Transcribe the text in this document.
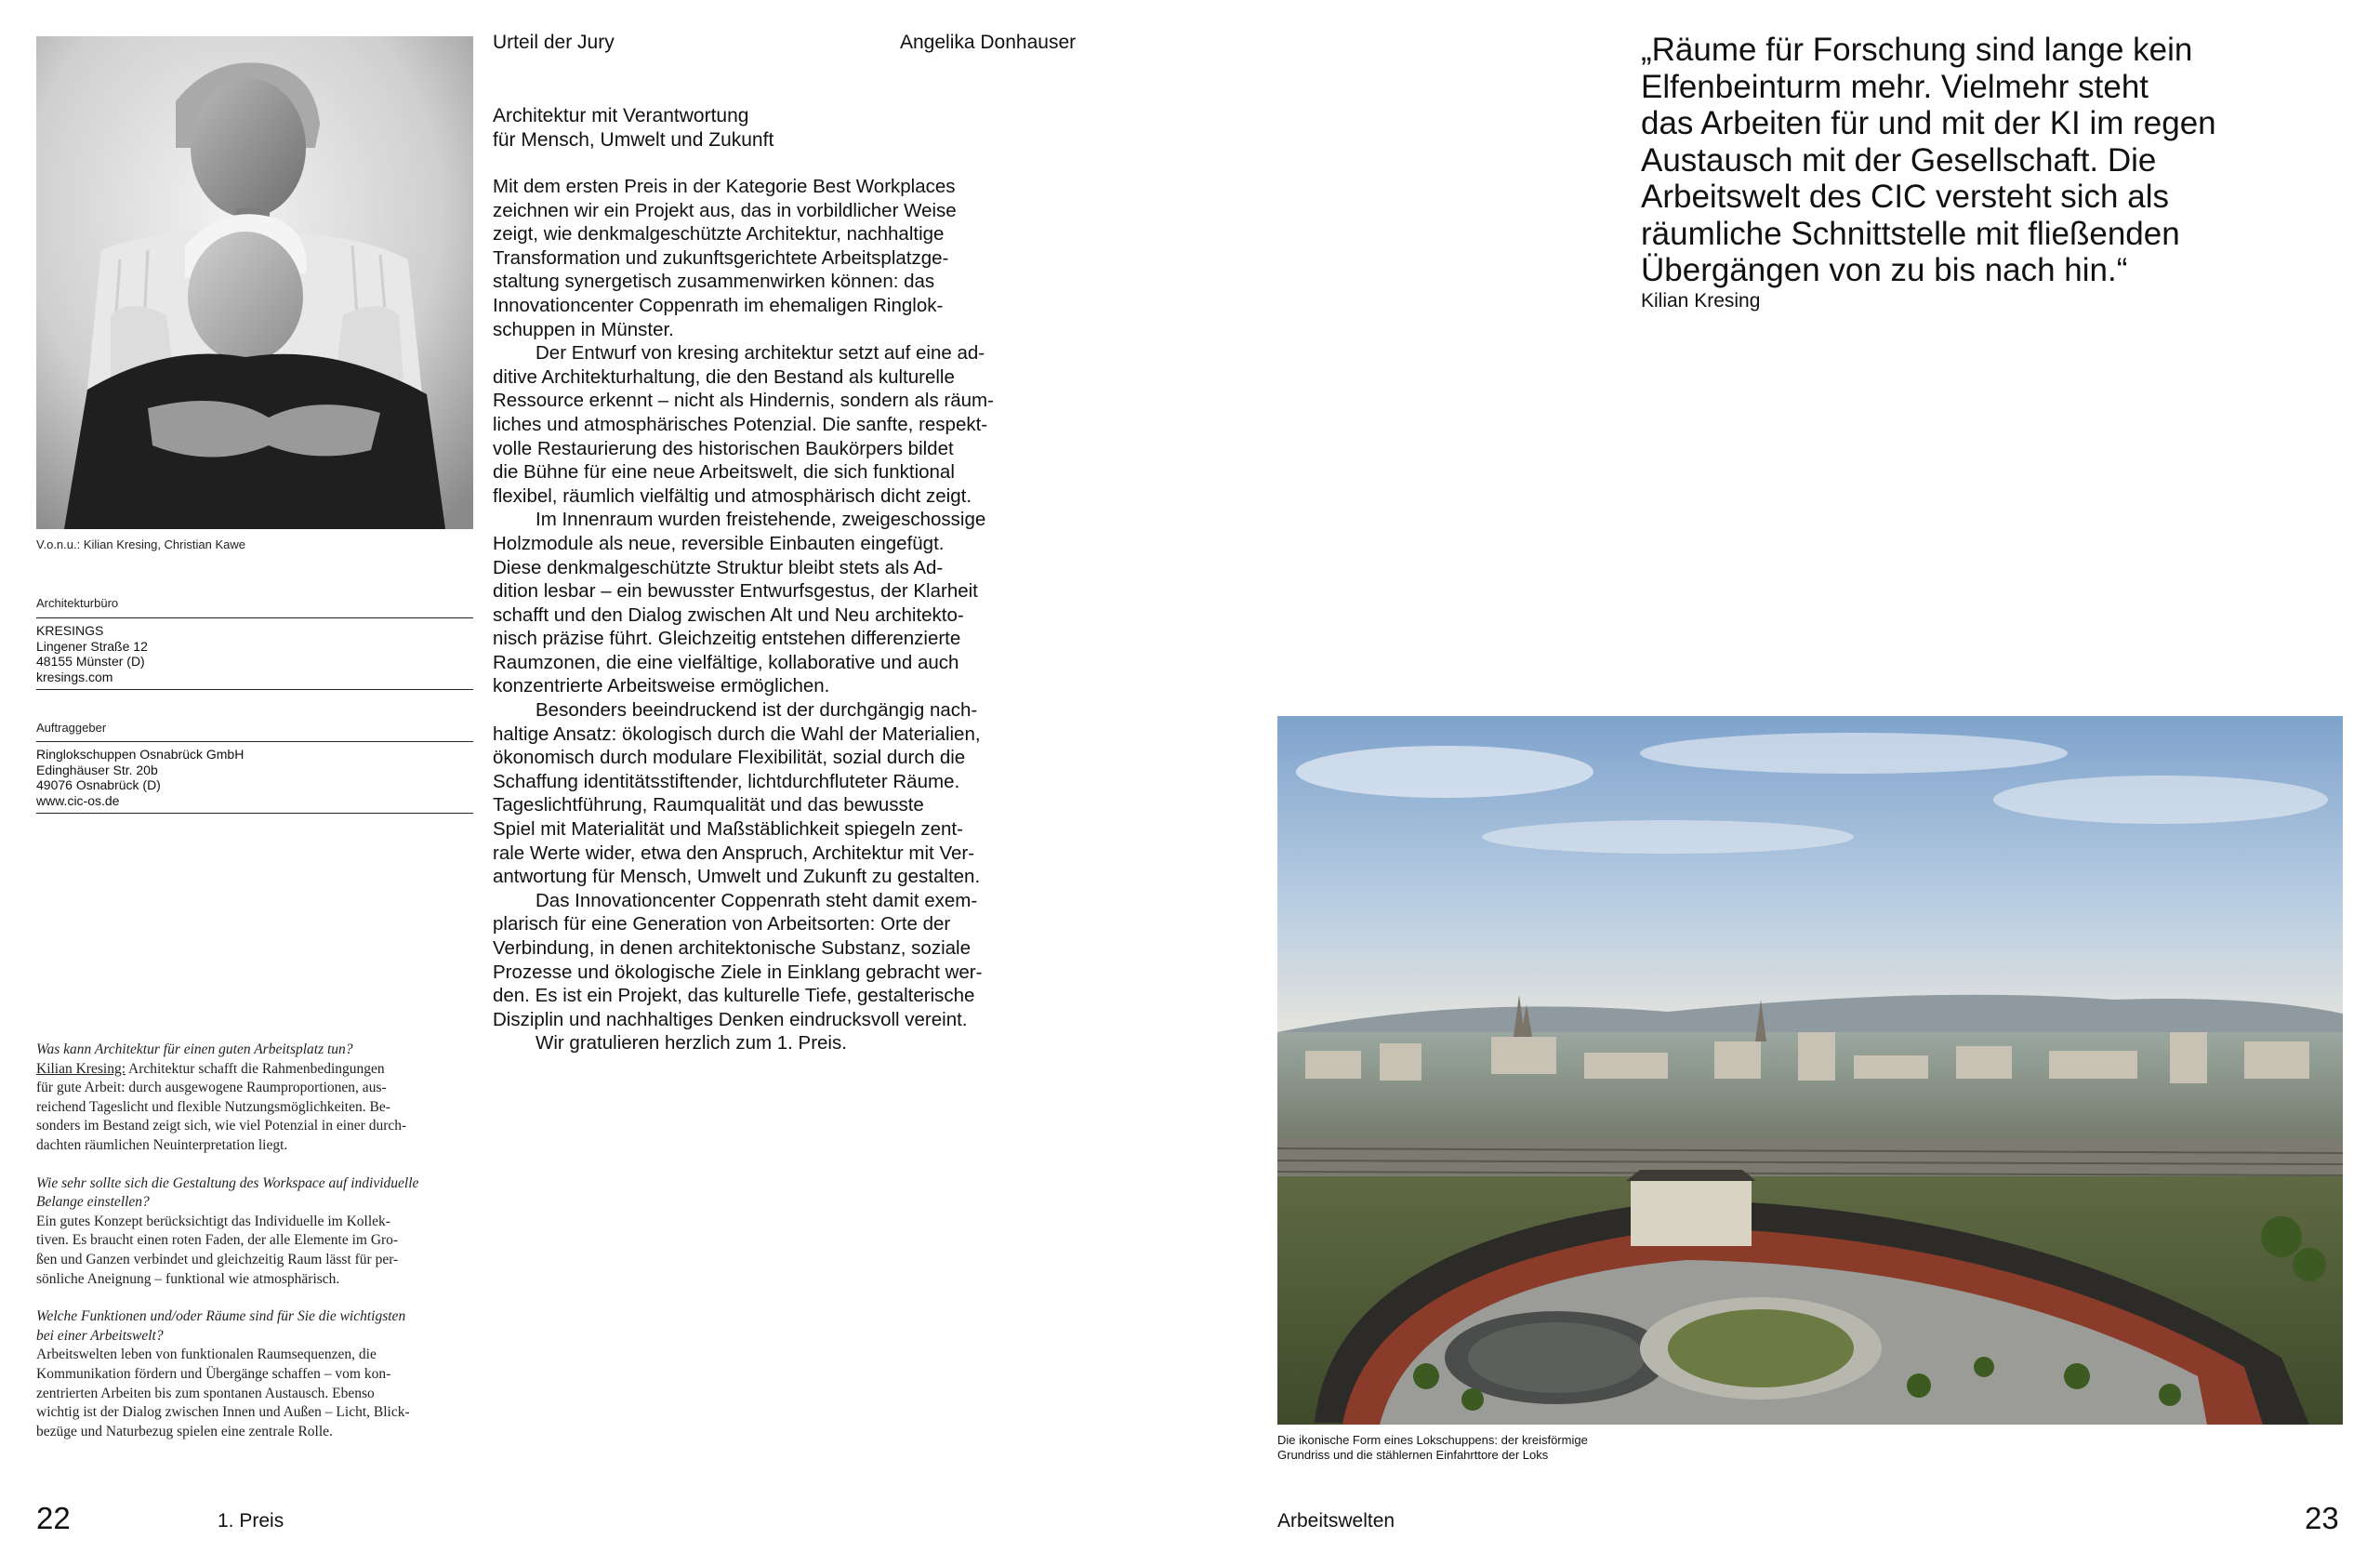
V.o.n.u.: Kilian Kresing, Christian Kawe
Architekturbüro
KRESINGS
Lingener Straße 12
48155 Münster (D)
kresings.com
Auftraggeber
Ringlokschuppen Osnabrück GmbH
Edinghäuser Str. 20b
49076 Osnabrück (D)
www.cic-os.de

Was kann Architektur für einen guten Arbeitsplatz tun?

Kilian Kresing: Architektur schafft die Rahmenbedingungen

für gute Arbeit: durch ausgewogene Raumproportionen, aus-

reichend Tageslicht und flexible Nutzungsmöglichkeiten. Be-

sonders im Bestand zeigt sich, wie viel Potenzial in einer durch-

dachten räumlichen Neuinterpretation liegt.

Wie sehr sollte sich die Gestaltung des Workspace auf individuelle

Belange einstellen?

Ein gutes Konzept berücksichtigt das Individuelle im Kollek-

tiven. Es braucht einen roten Faden, der alle Elemente im Gro-

ßen und Ganzen verbindet und gleichzeitig Raum lässt für per-

sönliche Aneignung – funktional wie atmosphärisch.

Welche Funktionen und/oder Räume sind für Sie die wichtigsten

bei einer Arbeitswelt?

Arbeitswelten leben von funktionalen Raumsequenzen, die

Kommunikation fördern und Übergänge schaffen – vom kon-

zentrierten Arbeiten bis zum spontanen Austausch. Ebenso

wichtig ist der Dialog zwischen Innen und Außen – Licht, Blick-

bezüge und Naturbezug spielen eine zentrale Rolle.

Urteil der Jury	Angelika Donhauser
Architektur mit Verantwortung
für Mensch, Umwelt und Zukunft

Mit dem ersten Preis in der Kategorie Best Workplaces

zeichnen wir ein Projekt aus, das in vorbildlicher Weise

zeigt, wie denkmalgeschützte Architektur, nachhaltige

Transformation und zukunftsgerichtete Arbeitsplatzge-

staltung synergetisch zusammenwirken können: das

Innovationcenter Coppenrath im ehemaligen Ringlok-

schuppen in Münster.

Der Entwurf von kresing architektur setzt auf eine ad-

ditive Architekturhaltung, die den Bestand als kulturelle

Ressource erkennt – nicht als Hindernis, sondern als räum-

liches und atmosphärisches Potenzial. Die sanfte, respekt-

volle Restaurierung des historischen Baukörpers bildet

die Bühne für eine neue Arbeitswelt, die sich funktional

flexibel, räumlich vielfältig und atmosphärisch dicht zeigt.

Im Innenraum wurden freistehende, zweigeschossige

Holzmodule als neue, reversible Einbauten eingefügt.

Diese denkmalgeschützte Struktur bleibt stets als Ad-

dition lesbar – ein bewusster Entwurfsgestus, der Klarheit

schafft und den Dialog zwischen Alt und Neu architekto-

nisch präzise führt. Gleichzeitig entstehen differenzierte

Raumzonen, die eine vielfältige, kollaborative und auch

konzentrierte Arbeitsweise ermöglichen.

Besonders beeindruckend ist der durchgängig nach-

haltige Ansatz: ökologisch durch die Wahl der Materialien,

ökonomisch durch modulare Flexibilität, sozial durch die

Schaffung identitätsstiftender, lichtdurchfluteter Räume.

Tageslichtführung, Raumqualität und das bewusste

Spiel mit Materialität und Maßstäblichkeit spiegeln zent-

rale Werte wider, etwa den Anspruch, Architektur mit Ver-

antwortung für Mensch, Umwelt und Zukunft zu gestalten.

Das Innovationcenter Coppenrath steht damit exem-

plarisch für eine Generation von Arbeitsorten: Orte der

Verbindung, in denen architektonische Substanz, soziale

Prozesse und ökologische Ziele in Einklang gebracht wer-

den. Es ist ein Projekt, das kulturelle Tiefe, gestalterische

Disziplin und nachhaltiges Denken eindrucksvoll vereint.

Wir gratulieren herzlich zum 1. Preis.

22	1. Preis
„Räume für Forschung sind lange kein
Elfenbeinturm mehr. Vielmehr steht
das Arbeiten für und mit der KI im regen
Austausch mit der Gesellschaft. Die
Arbeitswelt des CIC versteht sich als
räumliche Schnittstelle mit fließenden
Übergängen von zu bis nach hin.“
Kilian Kresing
Die ikonische Form eines Lokschuppens: der kreisförmige
Grundriss und die stählernen Einfahrttore der Loks
Arbeitswelten	23
